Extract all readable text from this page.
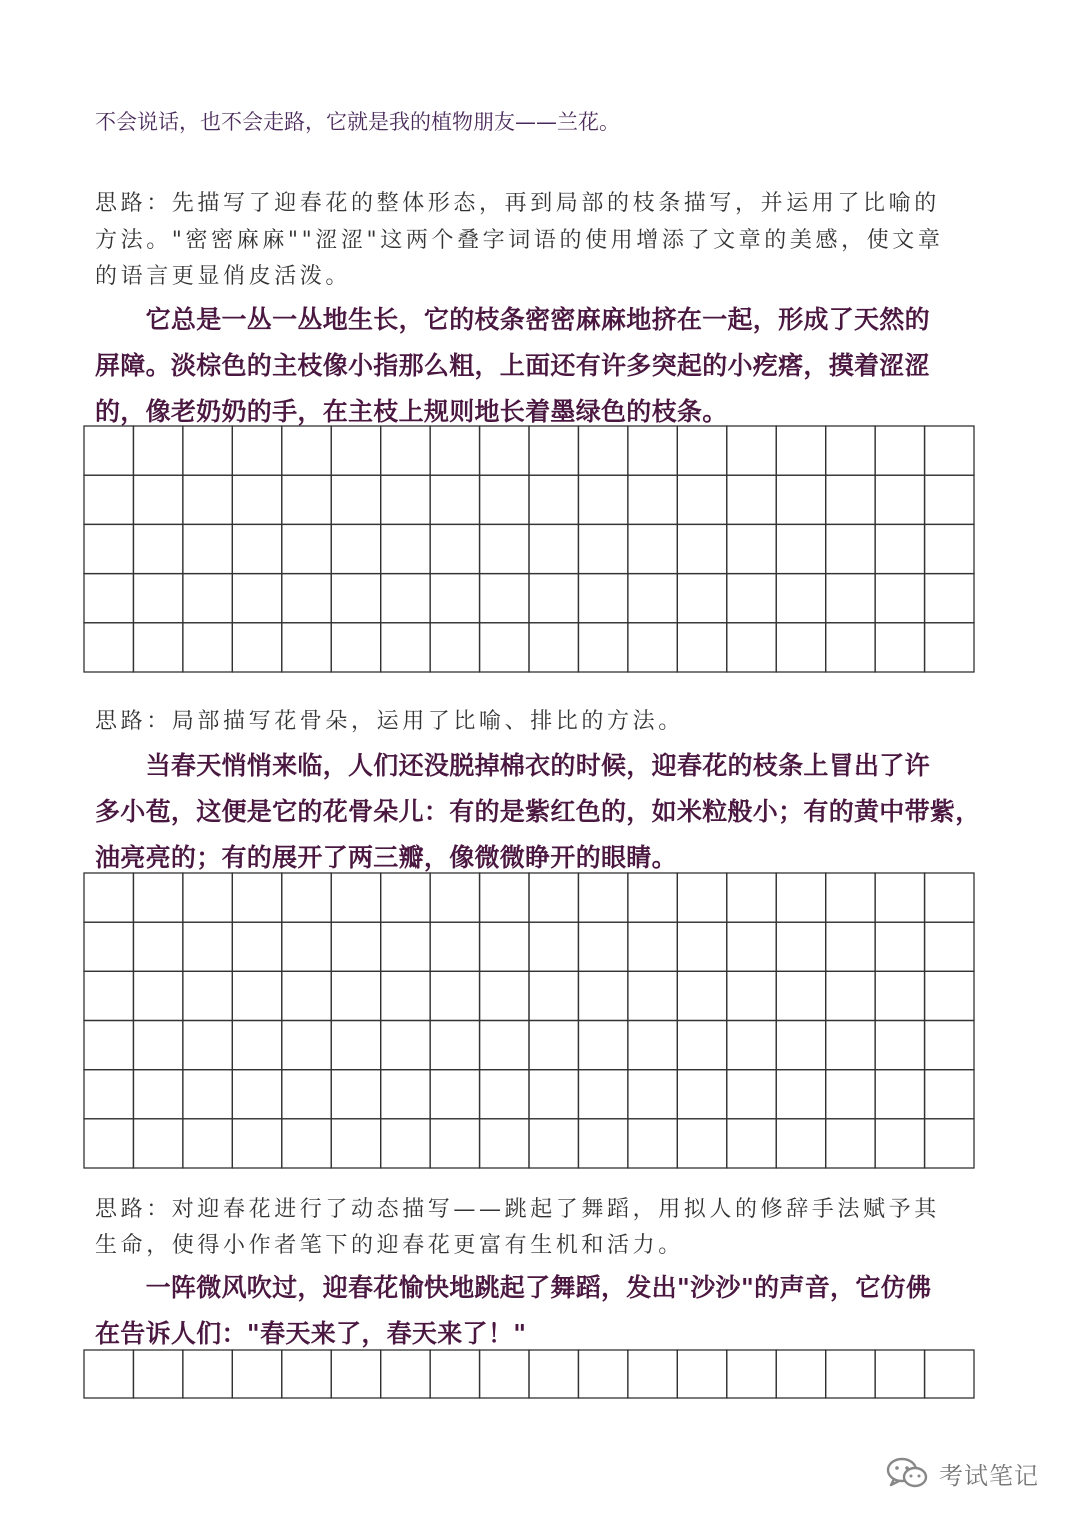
不会说话，也不会走路，它就是我的植物朋友——兰花。

思路：先描写了迎春花的整体形态，再到局部的枝条描写，并运用了比喻的

方法。"密密麻麻""涩涩"这两个叠字词语的使用增添了文章的美感，使文章

的语言更显俏皮活泼。

　　它总是一丛一丛地生长，它的枝条密密麻麻地挤在一起，形成了天然的

屏障。淡棕色的主枝像小指那么粗，上面还有许多突起的小疙瘩，摸着涩涩

的，像老奶奶的手，在主枝上规则地长着墨绿色的枝条。

思路：局部描写花骨朵，运用了比喻、排比的方法。

　　当春天悄悄来临，人们还没脱掉棉衣的时候，迎春花的枝条上冒出了许

多小苞，这便是它的花骨朵儿：有的是紫红色的，如米粒般小；有的黄中带紫，

油亮亮的；有的展开了两三瓣，像微微睁开的眼睛。

思路：对迎春花进行了动态描写——跳起了舞蹈，用拟人的修辞手法赋予其

生命，使得小作者笔下的迎春花更富有生机和活力。

　　一阵微风吹过，迎春花愉快地跳起了舞蹈，发出"沙沙"的声音，它仿佛

在告诉人们："春天来了，春天来了！"

考试笔记
